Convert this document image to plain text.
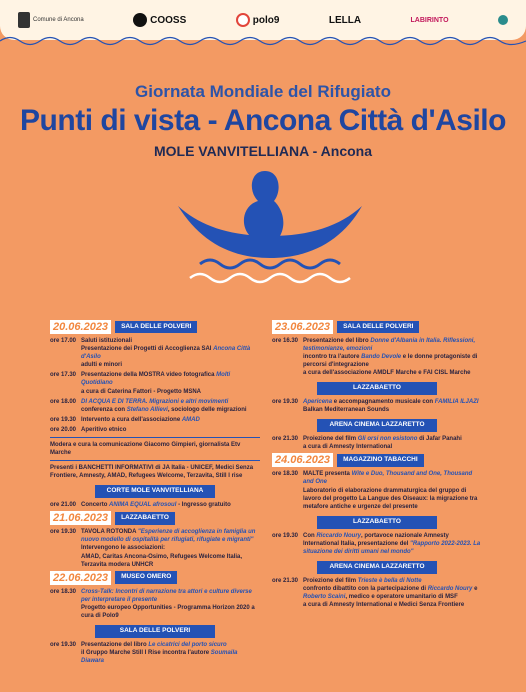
Comune di Ancona	COOSS	polo9	LELLA	LABIRINTO
Giornata Mondiale del Rifugiato
Punti di vista - Ancona Città d'Asilo
MOLE VANVITELLIANA - Ancona
20.06.2023	SALA DELLE POLVERI
ore 17.00 Saluti istituzionali
Presentazione dei Progetti di Accoglienza SAI Ancona Città d'Asilo
adulti e minori
ore 17.30 Presentazione della MOSTRA video fotografica Molti Quotidiano
a cura di Caterina Fattori - Progetto MSNA
ore 18.00 DI ACQUA E DI TERRA. Migrazioni e altri movimenti
conferenza con Stefano Allievi, sociologo delle migrazioni
ore 19.30 Intervento a cura dell'associazione AMAD
ore 20.00 Aperitivo etnico
Modera e cura la comunicazione Giacomo Gimpieri, giornalista Etv Marche
Presenti i BANCHETTI INFORMATIVI di JA Italia - UNICEF, Medici Senza Frontiere, Amnesty, AMAD, Refugees Welcome, Terzavita, Still I rise
CORTE MOLE VANVITELLIANA
ore 21.00 Concerto ANIMA EQUAL afrosoul - Ingresso gratuito
21.06.2023	LAZZABAETTO
ore 19.30 TAVOLA ROTONDA "Esperienze di accoglienza in famiglia un nuovo modello di ospitalità per rifugiati, rifugiate e migranti"
Intervengono le associazioni:
AMAD, Caritas Ancona-Osimo, Refugees Welcome Italia, Terzavita modera UNHCR
22.06.2023	MUSEO OMERO
ore 18.30 Cross-Talk: Incontri di narrazione tra attori e culture diverse per interpretare il presente
Progetto europeo Opportunities - Programma Horizon 2020 a cura di Polo9
SALA DELLE POLVERI
ore 19.30 Presentazione del libro Le cicatrici del porto sicuro
il Gruppo Marche Still I Rise incontra l'autore Soumaila Diawara
23.06.2023	SALA DELLE POLVERI
ore 16.30 Presentazione del libro Donne d'Albania in Italia. Riflessioni, testimonianze, emozioni
incontro tra l'autore Bando Devole e le donne protagoniste di percorsi d'integrazione
a cura dell'associazione AMDLF Marche e FAI CISL Marche
LAZZABAETTO
ore 19.30 Apericena e accompagnamento musicale con FAMILIA ILJAZI
Balkan Mediterranean Sounds
ARENA CINEMA LAZZARETTO
ore 21.30 Proiezione del film Gli orsi non esistono di Jafar Panahi
a cura di Amnesty International
24.06.2023	MAGAZZINO TABACCHI
ore 18.30 MALTE presenta Wite e Duo, Thousand and One, Thousand and One
Laboratorio di elaborazione drammaturgica del gruppo di lavoro del progetto La Langue des Oiseaux: la migrazione tra metafore antiche e urgenze del presente
LAZZABAETTO
ore 19.30 Con Riccardo Noury, portavoce nazionale Amnesty International Italia, presentazione del "Rapporto 2022-2023. La situazione dei diritti umani nel mondo"
ARENA CINEMA LAZZARETTO
ore 21.30 Proiezione del film Trieste è bella di Notte
confronto dibattito con la partecipazione di Riccardo Noury e
Roberto Scaini, medico e operatore umanitario di MSF
a cura di Amnesty International e Medici Senza Frontiere
